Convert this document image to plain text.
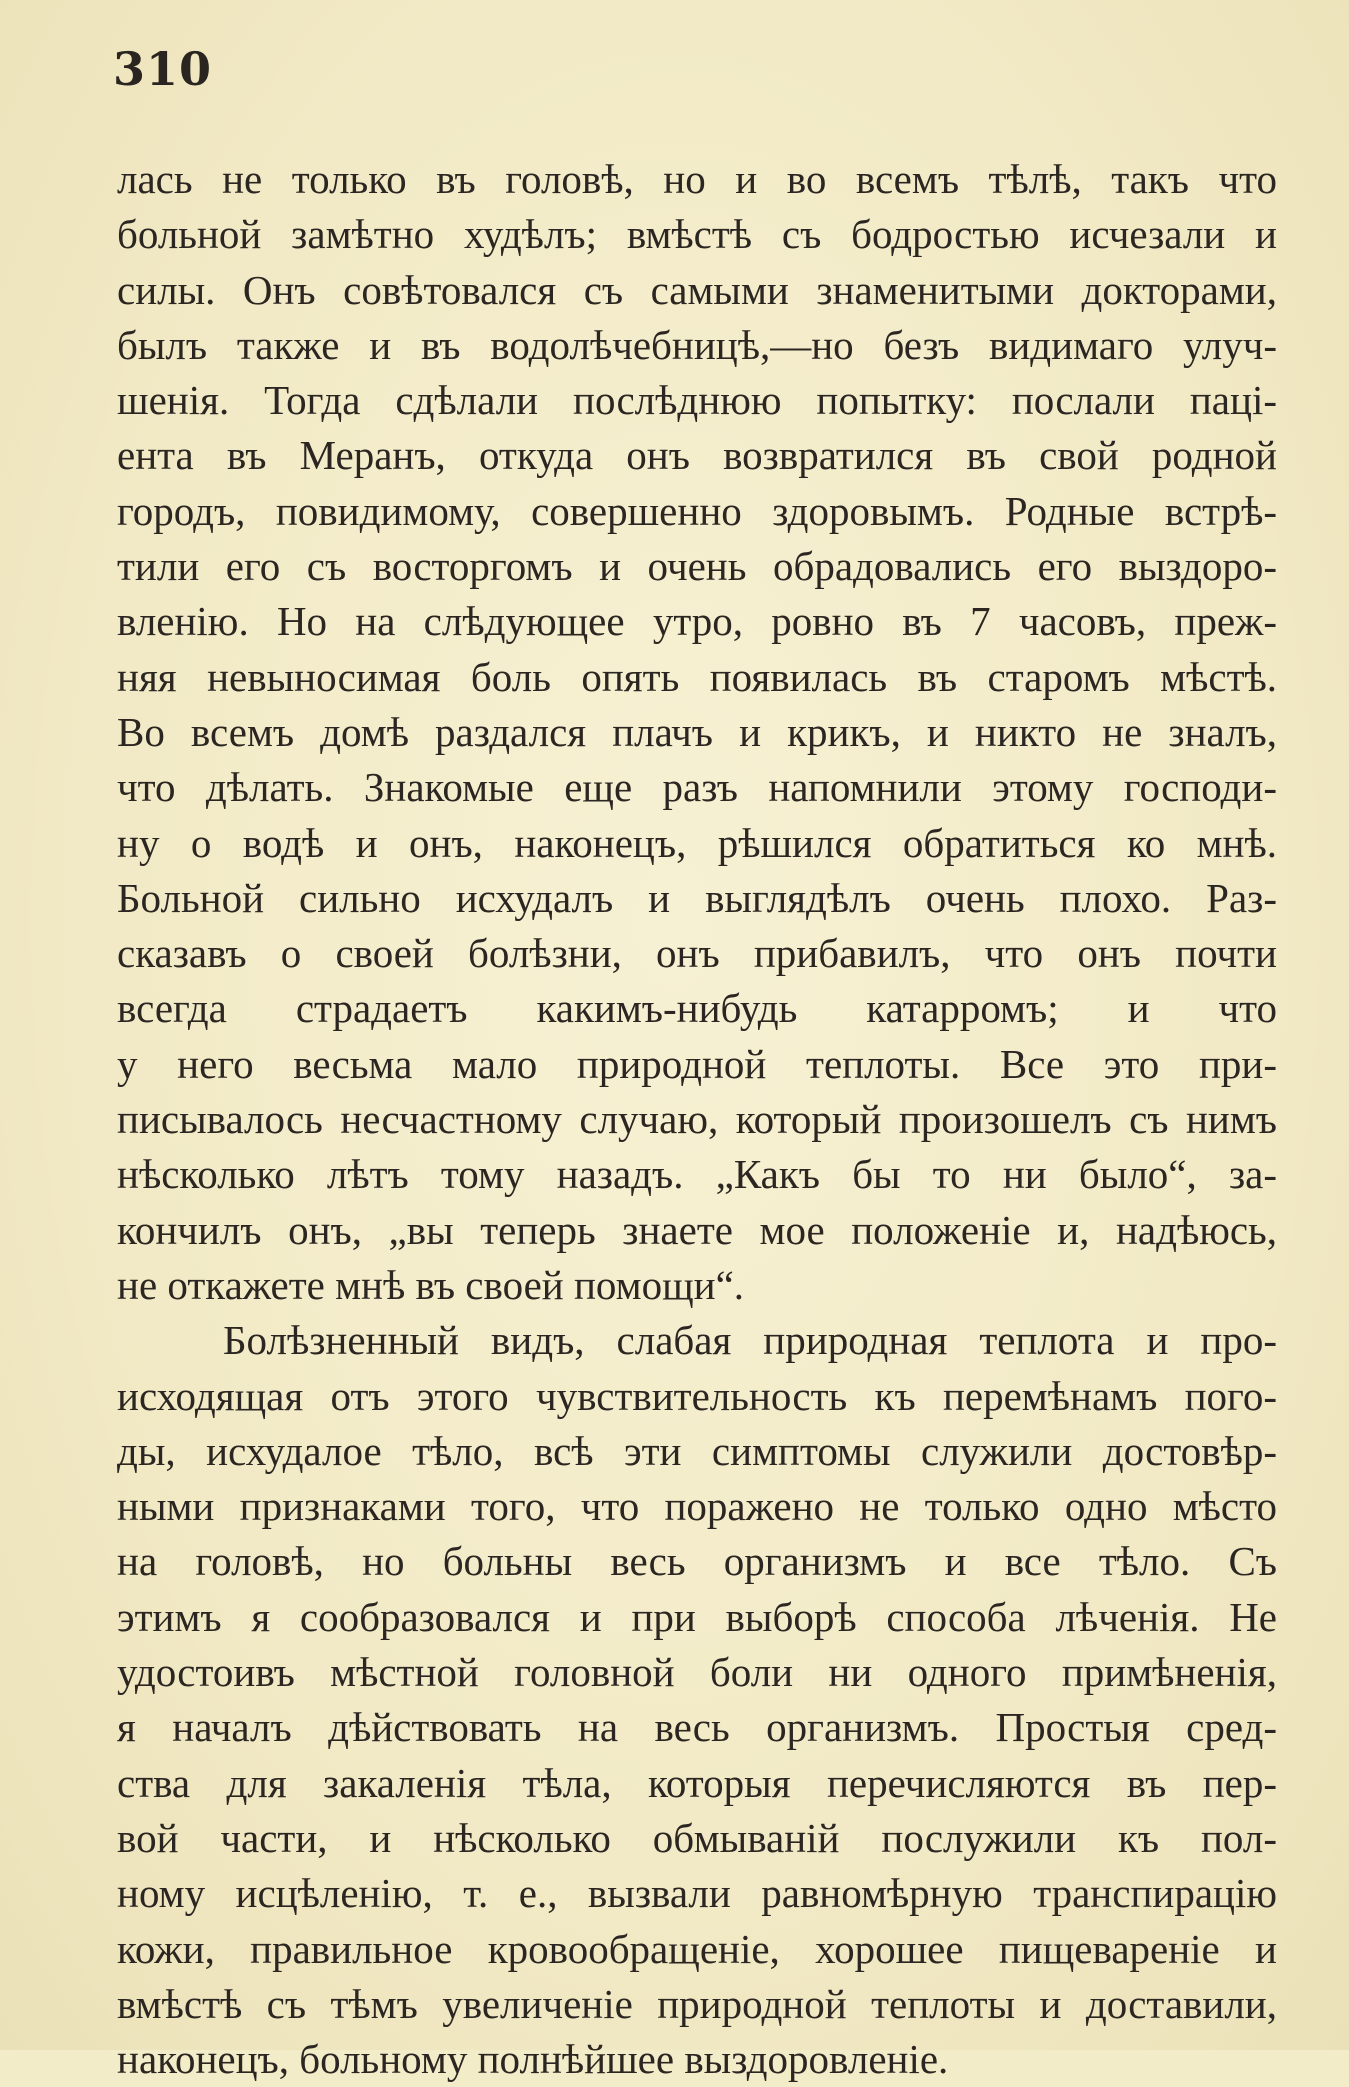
310
лась не только въ головѣ, но и во всемъ тѣлѣ, такъ что
больной замѣтно худѣлъ; вмѣстѣ съ бодростью исчезали и
силы. Онъ совѣтовался съ самыми знаменитыми докторами,
былъ также и въ водолѣчебницѣ,—но безъ видимаго улуч-
шенія. Тогда сдѣлали послѣднюю попытку: послали паці-
ента въ Меранъ, откуда онъ возвратился въ свой родной
городъ, повидимому, совершенно здоровымъ. Родные встрѣ-
тили его съ восторгомъ и очень обрадовались его выздоро-
вленію. Но на слѣдующее утро, ровно въ 7 часовъ, преж-
няя невыносимая боль опять появилась въ старомъ мѣстѣ.
Во всемъ домѣ раздался плачъ и крикъ, и никто не зналъ,
что дѣлать. Знакомые еще разъ напомнили этому господи-
ну о водѣ и онъ, наконецъ, рѣшился обратиться ко мнѣ.
Больной сильно исхудалъ и выглядѣлъ очень плохо. Раз-
сказавъ о своей болѣзни, онъ прибавилъ, что онъ почти
всегда страдаетъ какимъ-нибудь катарромъ; и что
у него весьма мало природной теплоты. Все это при-
писывалось несчастному случаю, который произошелъ съ нимъ
нѣсколько лѣтъ тому назадъ. „Какъ бы то ни было“, за-
кончилъ онъ, „вы теперь знаете мое положеніе и, надѣюсь,
не откажете мнѣ въ своей помощи“.
Болѣзненный видъ, слабая природная теплота и про-
исходящая отъ этого чувствительность къ перемѣнамъ пого-
ды, исхудалое тѣло, всѣ эти симптомы служили достовѣр-
ными признаками того, что поражено не только одно мѣсто
на головѣ, но больны весь организмъ и все тѣло. Съ
этимъ я сообразовался и при выборѣ способа лѣченія. Не
удостоивъ мѣстной головной боли ни одного примѣненія,
я началъ дѣйствовать на весь организмъ. Простыя сред-
ства для закаленія тѣла, которыя перечисляются въ пер-
вой части, и нѣсколько обмываній послужили къ пол-
ному исцѣленію, т. е., вызвали равномѣрную транспирацію
кожи, правильное кровообращеніе, хорошее пищевареніе и
вмѣстѣ съ тѣмъ увеличеніе природной теплоты и доставили,
наконецъ, больному полнѣйшее выздоровленіе.
